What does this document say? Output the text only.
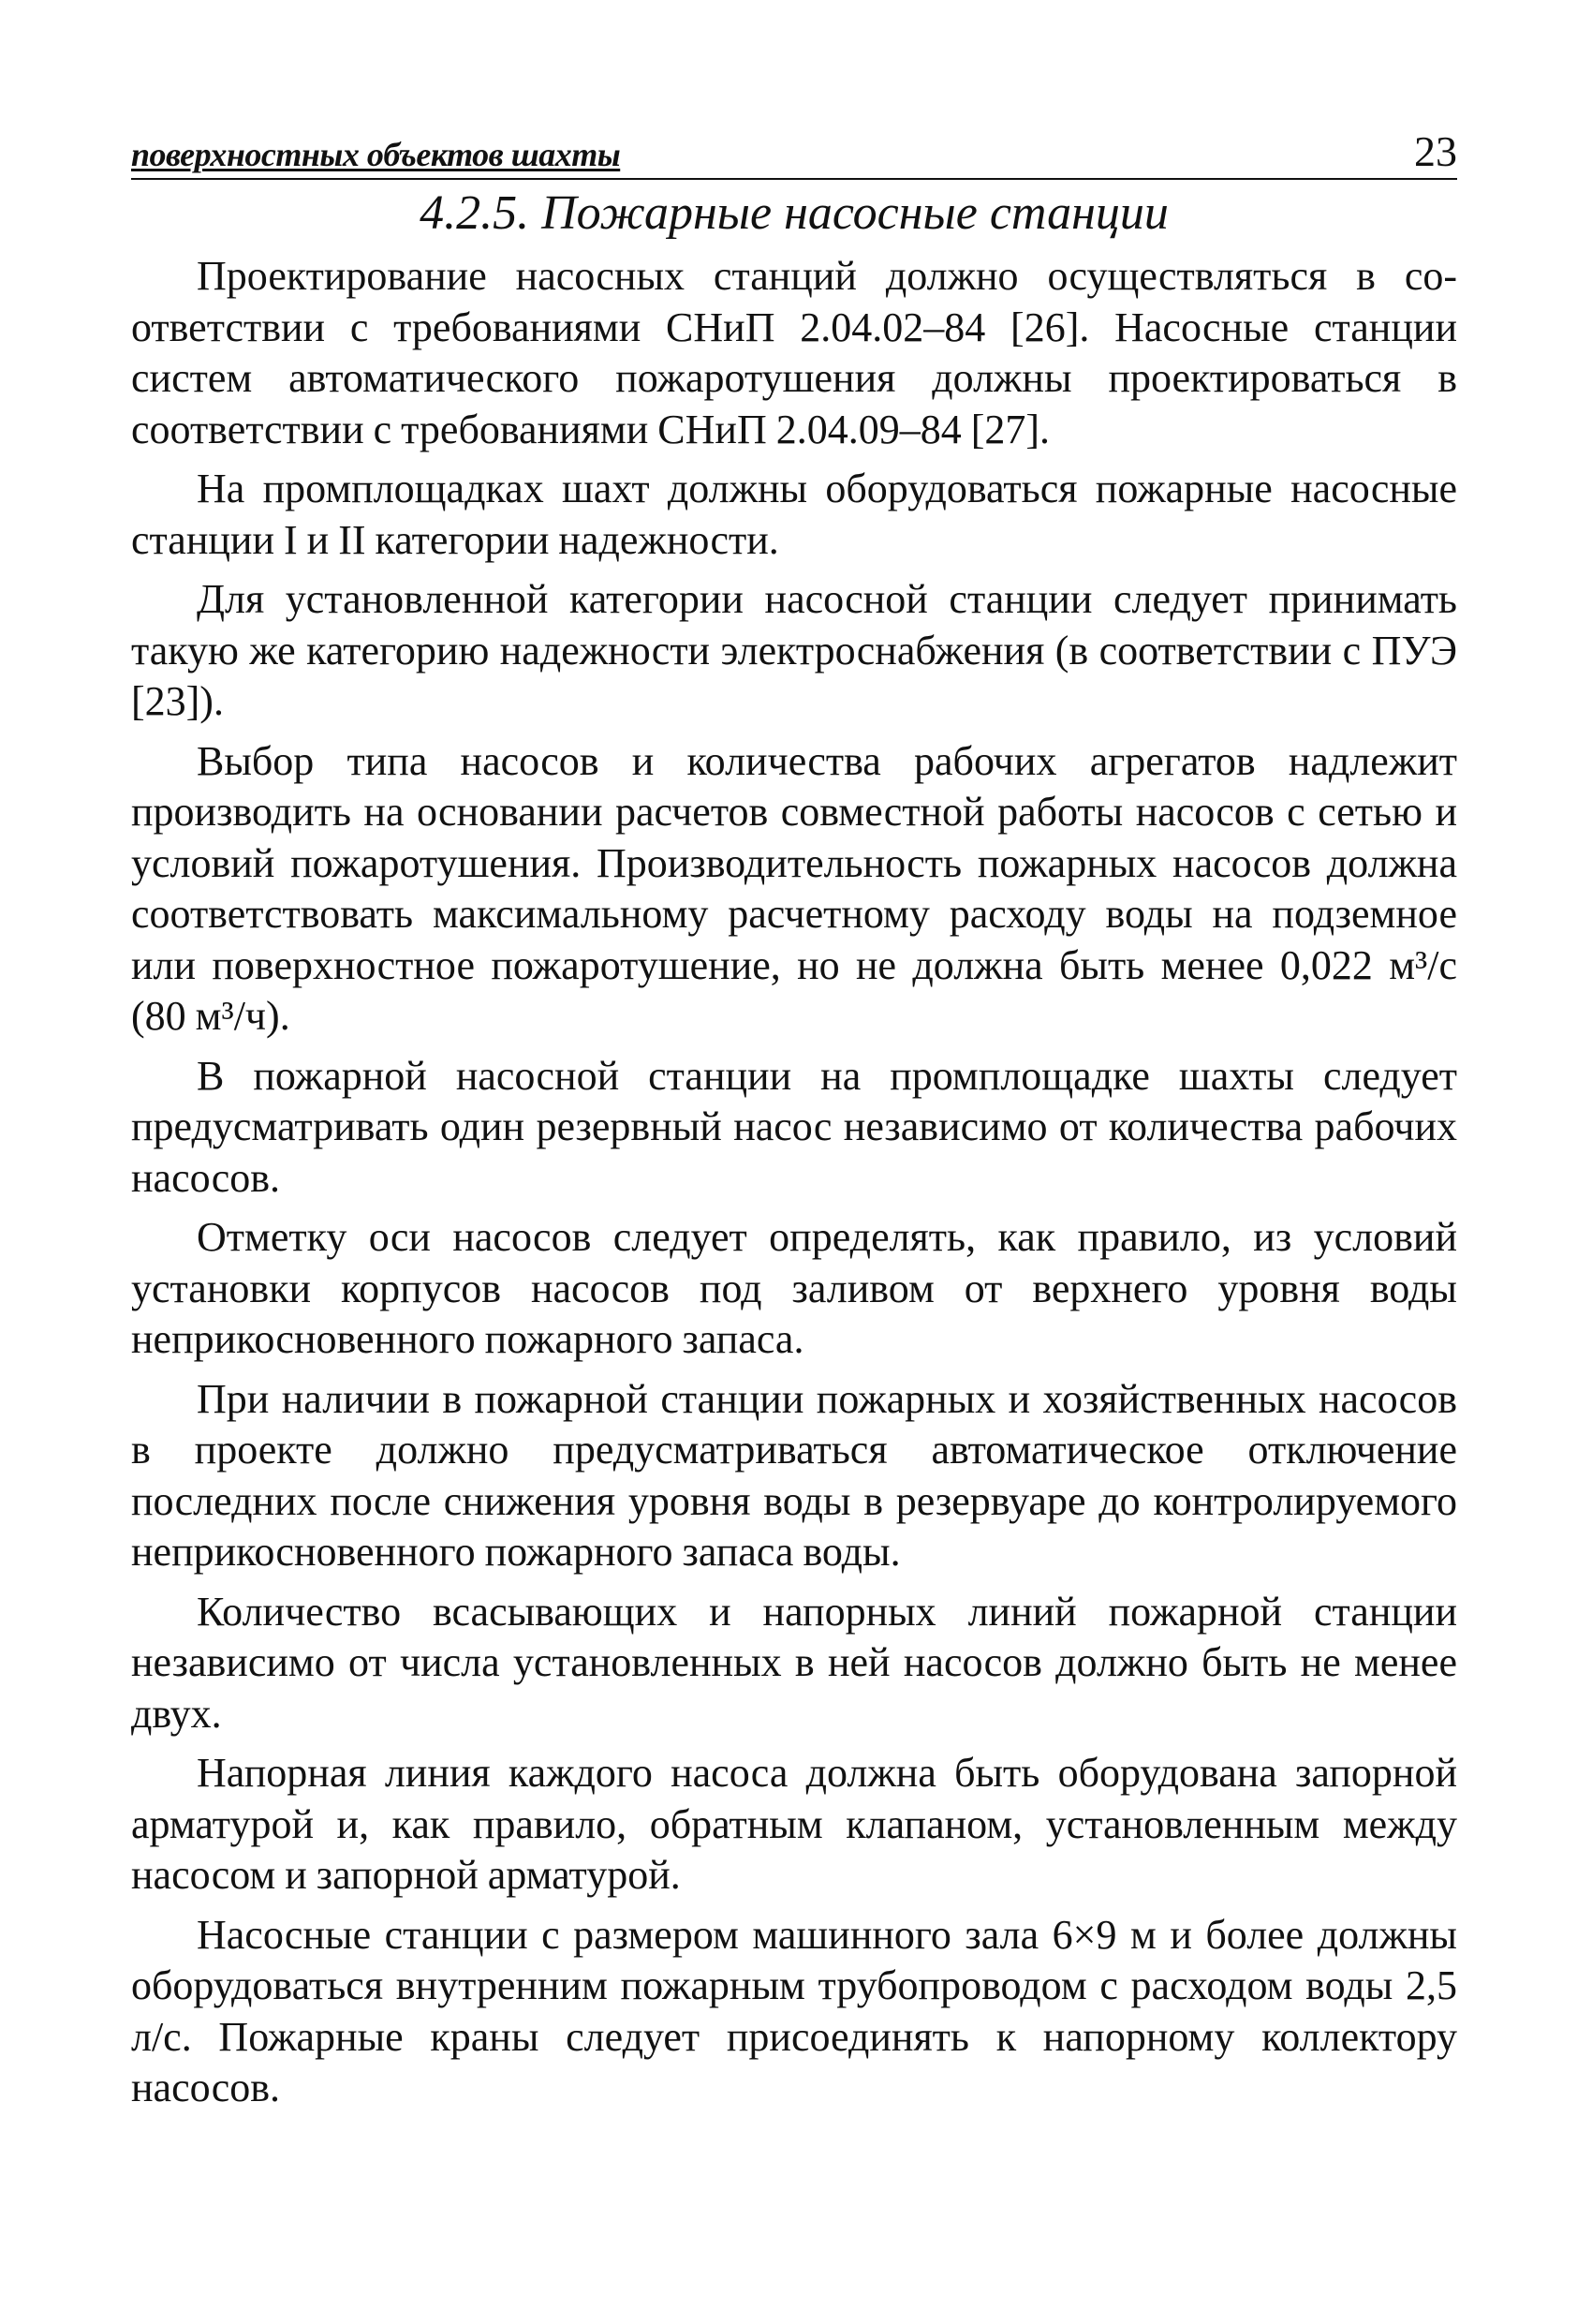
поверхностных объектов шахты	23
4.2.5. Пожарные насосные станции

Проектирование насосных станций должно осуществляться в соответствии с требованиями СНиП 2.04.02–84 [26]. Насосные станции систем автоматического пожаротушения должны проектироваться в соответствии с требованиями СНиП 2.04.09–84 [27].

На промплощадках шахт должны оборудоваться пожарные насосные станции I и II категории надежности.

Для установленной категории насосной станции следует принимать такую же категорию надежности электроснабжения (в соответствии с ПУЭ [23]).

Выбор типа насосов и количества рабочих агрегатов надлежит производить на основании расчетов совместной работы насосов с сетью и условий пожаротушения. Производительность пожарных насосов должна соответствовать максимальному расчетному расходу воды на подземное или поверхностное пожаротушение, но не должна быть менее 0,022 м³/с (80 м³/ч).

В пожарной насосной станции на промплощадке шахты следует предусматривать один резервный насос независимо от количества рабочих насосов.

Отметку оси насосов следует определять, как правило, из условий установки корпусов насосов под заливом от верхнего уровня воды неприкосновенного пожарного запаса.

При наличии в пожарной станции пожарных и хозяйственных насосов в проекте должно предусматриваться автоматическое отключение последних после снижения уровня воды в резервуаре до контролируемого неприкосновенного пожарного запаса воды.

Количество всасывающих и напорных линий пожарной станции независимо от числа установленных в ней насосов должно быть не менее двух.

Напорная линия каждого насоса должна быть оборудована запорной арматурой и, как правило, обратным клапаном, установленным между насосом и запорной арматурой.

Насосные станции с размером машинного зала 6×9 м и более должны оборудоваться внутренним пожарным трубопроводом с расходом воды 2,5 л/с. Пожарные краны следует присоединять к напорному коллектору насосов.
